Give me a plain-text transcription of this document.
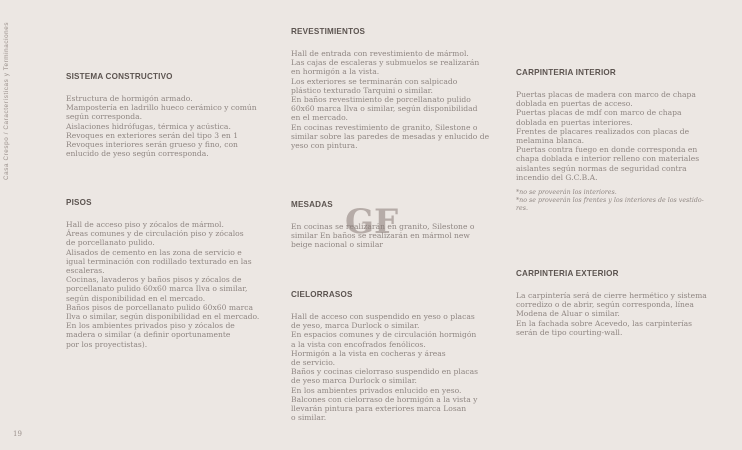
Casa Crespo / Características y Terminaciones
19
SISTEMA CONSTRUCTIVO

Estructura de hormigón armado.

Mampostería en ladrillo hueco cerámico y común

según corresponda.

Aislaciones hidrófugas, térmica y acústica.

Revoques en exteriores serán del tipo 3 en 1

Revoques interiores serán grueso y fino, con

enlucido de yeso según corresponda.

PISOS

Hall de acceso piso y zócalos de mármol.

Áreas comunes y de circulación piso y zócalos

de porcellanato pulido.

Alisados de cemento en las zona de servicio e

igual terminación con rodillado texturado en las

escaleras.

Cocinas, lavaderos y baños pisos y zócalos de

porcellanato pulido 60x60 marca Ilva o similar,

según disponibilidad en el mercado.

Baños pisos de porcellanato pulido 60x60 marca

Ilva o similar, según disponibilidad en el mercado.

En los ambientes privados piso y zócalos de

madera o similar (a definir oportunamente

por los proyectistas).

REVESTIMIENTOS

Hall de entrada con revestimiento de mármol.

Las cajas de escaleras y submuelos se realizarán

en hormigón a la vista.

Los exteriores se terminarán con salpicado

plástico texturado Tarquini o similar.

En baños revestimiento de porcellanato pulido

60x60 marca Ilva o similar, según disponibilidad

en el mercado.

En cocinas revestimiento de granito, Silestone o

similar sobre las paredes de mesadas y enlucido de

yeso con pintura.

MESADAS

En cocinas se realizarán en granito, Silestone o

similar En baños se realizarán en mármol new

beige nacional o similar

GF
CIELORRASOS

Hall de acceso con suspendido en yeso o placas

de yeso, marca Durlock o similar.

En espacios comunes y de circulación hormigón

a la vista con encofrados fenólicos.

Hormigón a la vista en cocheras y áreas

de servicio.

Baños y cocinas cielorraso suspendido en placas

de yeso marca Durlock o similar.

En los ambientes privados enlucido en yeso.

Balcones con cielorraso de hormigón a la vista y

llevarán pintura para exteriores marca Losan

o similar.

CARPINTERIA INTERIOR

Puertas placas de madera con marco de chapa

doblada en puertas de acceso.

Puertas placas de mdf con marco de chapa

doblada en puertas interiores.

Frentes de placares realizados con placas de

melamina blanca.

Puertas contra fuego en donde corresponda en

chapa doblada e interior relleno con materiales

aislantes según normas de seguridad contra

incendio del G.C.B.A.

*no se proveerán los interiores.

*no se proveerán los frentes y los interiores de los vestido-

res.

CARPINTERIA EXTERIOR

La carpintería será de cierre hermético y sistema

corredizo o de abrir, según corresponda, línea

Modena de Aluar o similar.

En la fachada sobre Acevedo, las carpinterías

serán de tipo courting-wall.
